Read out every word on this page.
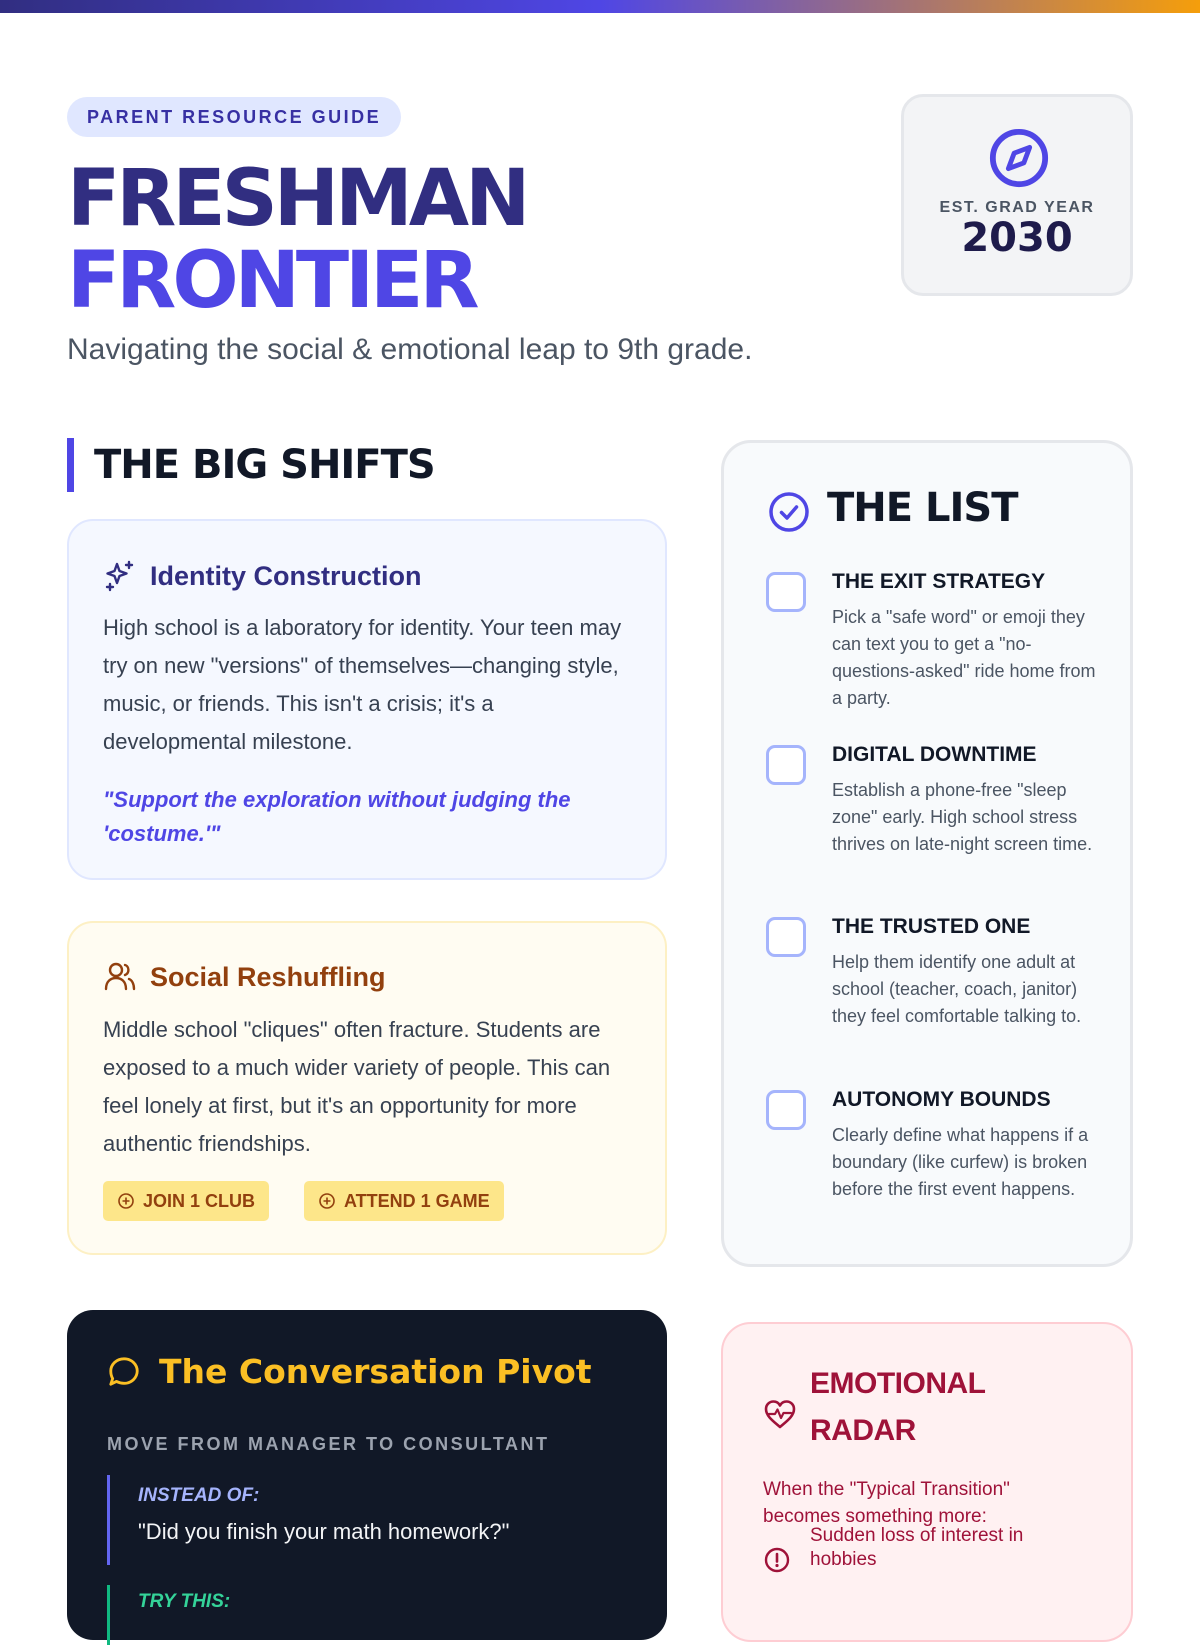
PARENT RESOURCE GUIDE
FRESHMAN
FRONTIER
Navigating the social & emotional leap to 9th grade.
EST. GRAD YEAR
2030
THE BIG SHIFTS
Identity Construction
High school is a laboratory for identity. Your teen may try on new "versions" of themselves—changing style, music, or friends. This isn't a crisis; it's a developmental milestone.
"Support the exploration without judging the 'costume.'"
Social Reshuffling
Middle school "cliques" often fracture. Students are exposed to a much wider variety of people. This can feel lonely at first, but it's an opportunity for more authentic friendships.
JOIN 1 CLUB	ATTEND 1 GAME
The Conversation Pivot
MOVE FROM MANAGER TO CONSULTANT
INSTEAD OF:
"Did you finish your math homework?"
TRY THIS:
THE LIST
THE EXIT STRATEGY
Pick a "safe word" or emoji they can text you to get a "no-questions-asked" ride home from a party.
DIGITAL DOWNTIME
Establish a phone-free "sleep zone" early. High school stress thrives on late-night screen time.
THE TRUSTED ONE
Help them identify one adult at school (teacher, coach, janitor) they feel comfortable talking to.
AUTONOMY BOUNDS
Clearly define what happens if a boundary (like curfew) is broken before the first event happens.
EMOTIONAL RADAR
When the "Typical Transition" becomes something more:
Sudden loss of interest in hobbies
